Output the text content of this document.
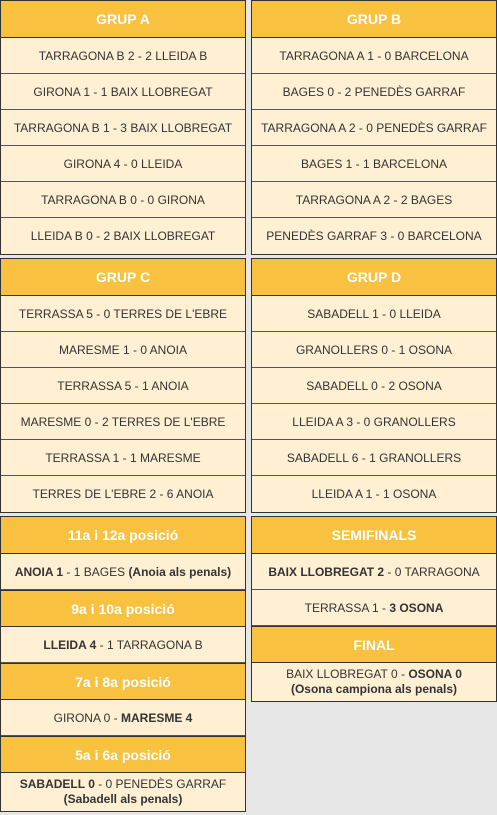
GRUP A
TARRAGONA B 2 - 2 LLEIDA B
GIRONA 1 - 1 BAIX LLOBREGAT
TARRAGONA B 1 - 3 BAIX LLOBREGAT
GIRONA 4 - 0 LLEIDA
TARRAGONA B 0 - 0 GIRONA
LLEIDA B 0 - 2 BAIX LLOBREGAT
GRUP C
TERRASSA 5 - 0 TERRES DE L'EBRE
MARESME 1 - 0 ANOIA
TERRASSA 5 - 1 ANOIA
MARESME 0 - 2 TERRES DE L'EBRE
TERRASSA 1 - 1 MARESME
TERRES DE L'EBRE 2 - 6 ANOIA
11a i 12a posició
ANOIA 1 - 1 BAGES (Anoia als penals)
9a i 10a posició
LLEIDA 4 - 1 TARRAGONA B
7a i 8a posició
GIRONA 0 - MARESME 4
5a i 6a posició
SABADELL 0 - 0 PENEDÈS GARRAF
(Sabadell als penals)
GRUP B
TARRAGONA A 1 - 0 BARCELONA
BAGES 0 - 2 PENEDÈS GARRAF
TARRAGONA A 2 - 0 PENEDÈS GARRAF
BAGES 1 - 1 BARCELONA
TARRAGONA A 2 - 2 BAGES
PENEDÈS GARRAF 3 - 0 BARCELONA
GRUP D
SABADELL 1 - 0 LLEIDA
GRANOLLERS 0 - 1 OSONA
SABADELL 0 - 2 OSONA
LLEIDA A 3 - 0 GRANOLLERS
SABADELL 6 - 1 GRANOLLERS
LLEIDA A 1 - 1 OSONA
SEMIFINALS
BAIX LLOBREGAT 2 - 0 TARRAGONA
TERRASSA 1 - 3 OSONA
FINAL
BAIX LLOBREGAT 0 - OSONA 0
(Osona campiona als penals)
